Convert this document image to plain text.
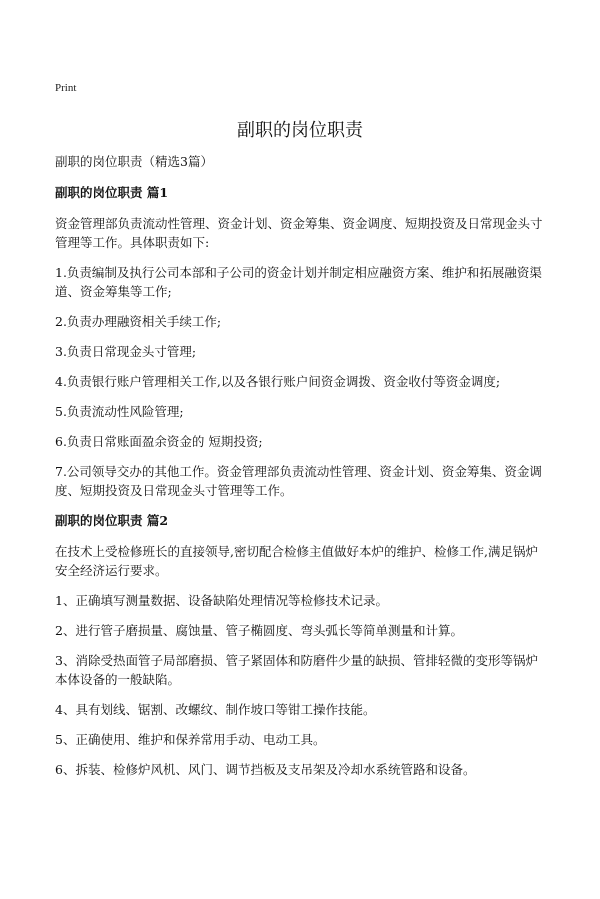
Print
副职的岗位职责

副职的岗位职责（精选3篇）

副职的岗位职责 篇1

资金管理部负责流动性管理、资金计划、资金筹集、资金调度、短期投资及日常现金头寸管理等工作。具体职责如下:

1.负责编制及执行公司本部和子公司的资金计划并制定相应融资方案、维护和拓展融资渠道、资金筹集等工作;

2.负责办理融资相关手续工作;

3.负责日常现金头寸管理;

4.负责银行账户管理相关工作,以及各银行账户间资金调拨、资金收付等资金调度;

5.负责流动性风险管理;

6.负责日常账面盈余资金的 短期投资;

7.公司领导交办的其他工作。资金管理部负责流动性管理、资金计划、资金筹集、资金调度、短期投资及日常现金头寸管理等工作。

副职的岗位职责 篇2

在技术上受检修班长的直接领导,密切配合检修主值做好本炉的维护、检修工作,满足锅炉安全经济运行要求。

1、正确填写测量数据、设备缺陷处理情况等检修技术记录。

2、进行管子磨损量、腐蚀量、管子椭圆度、弯头弧长等简单测量和计算。

3、消除受热面管子局部磨损、管子紧固体和防磨件少量的缺损、管排轻微的变形等锅炉本体设备的一般缺陷。

4、具有划线、锯割、改螺纹、制作坡口等钳工操作技能。

5、正确使用、维护和保养常用手动、电动工具。

6、拆装、检修炉风机、风门、调节挡板及支吊架及冷却水系统管路和设备。
